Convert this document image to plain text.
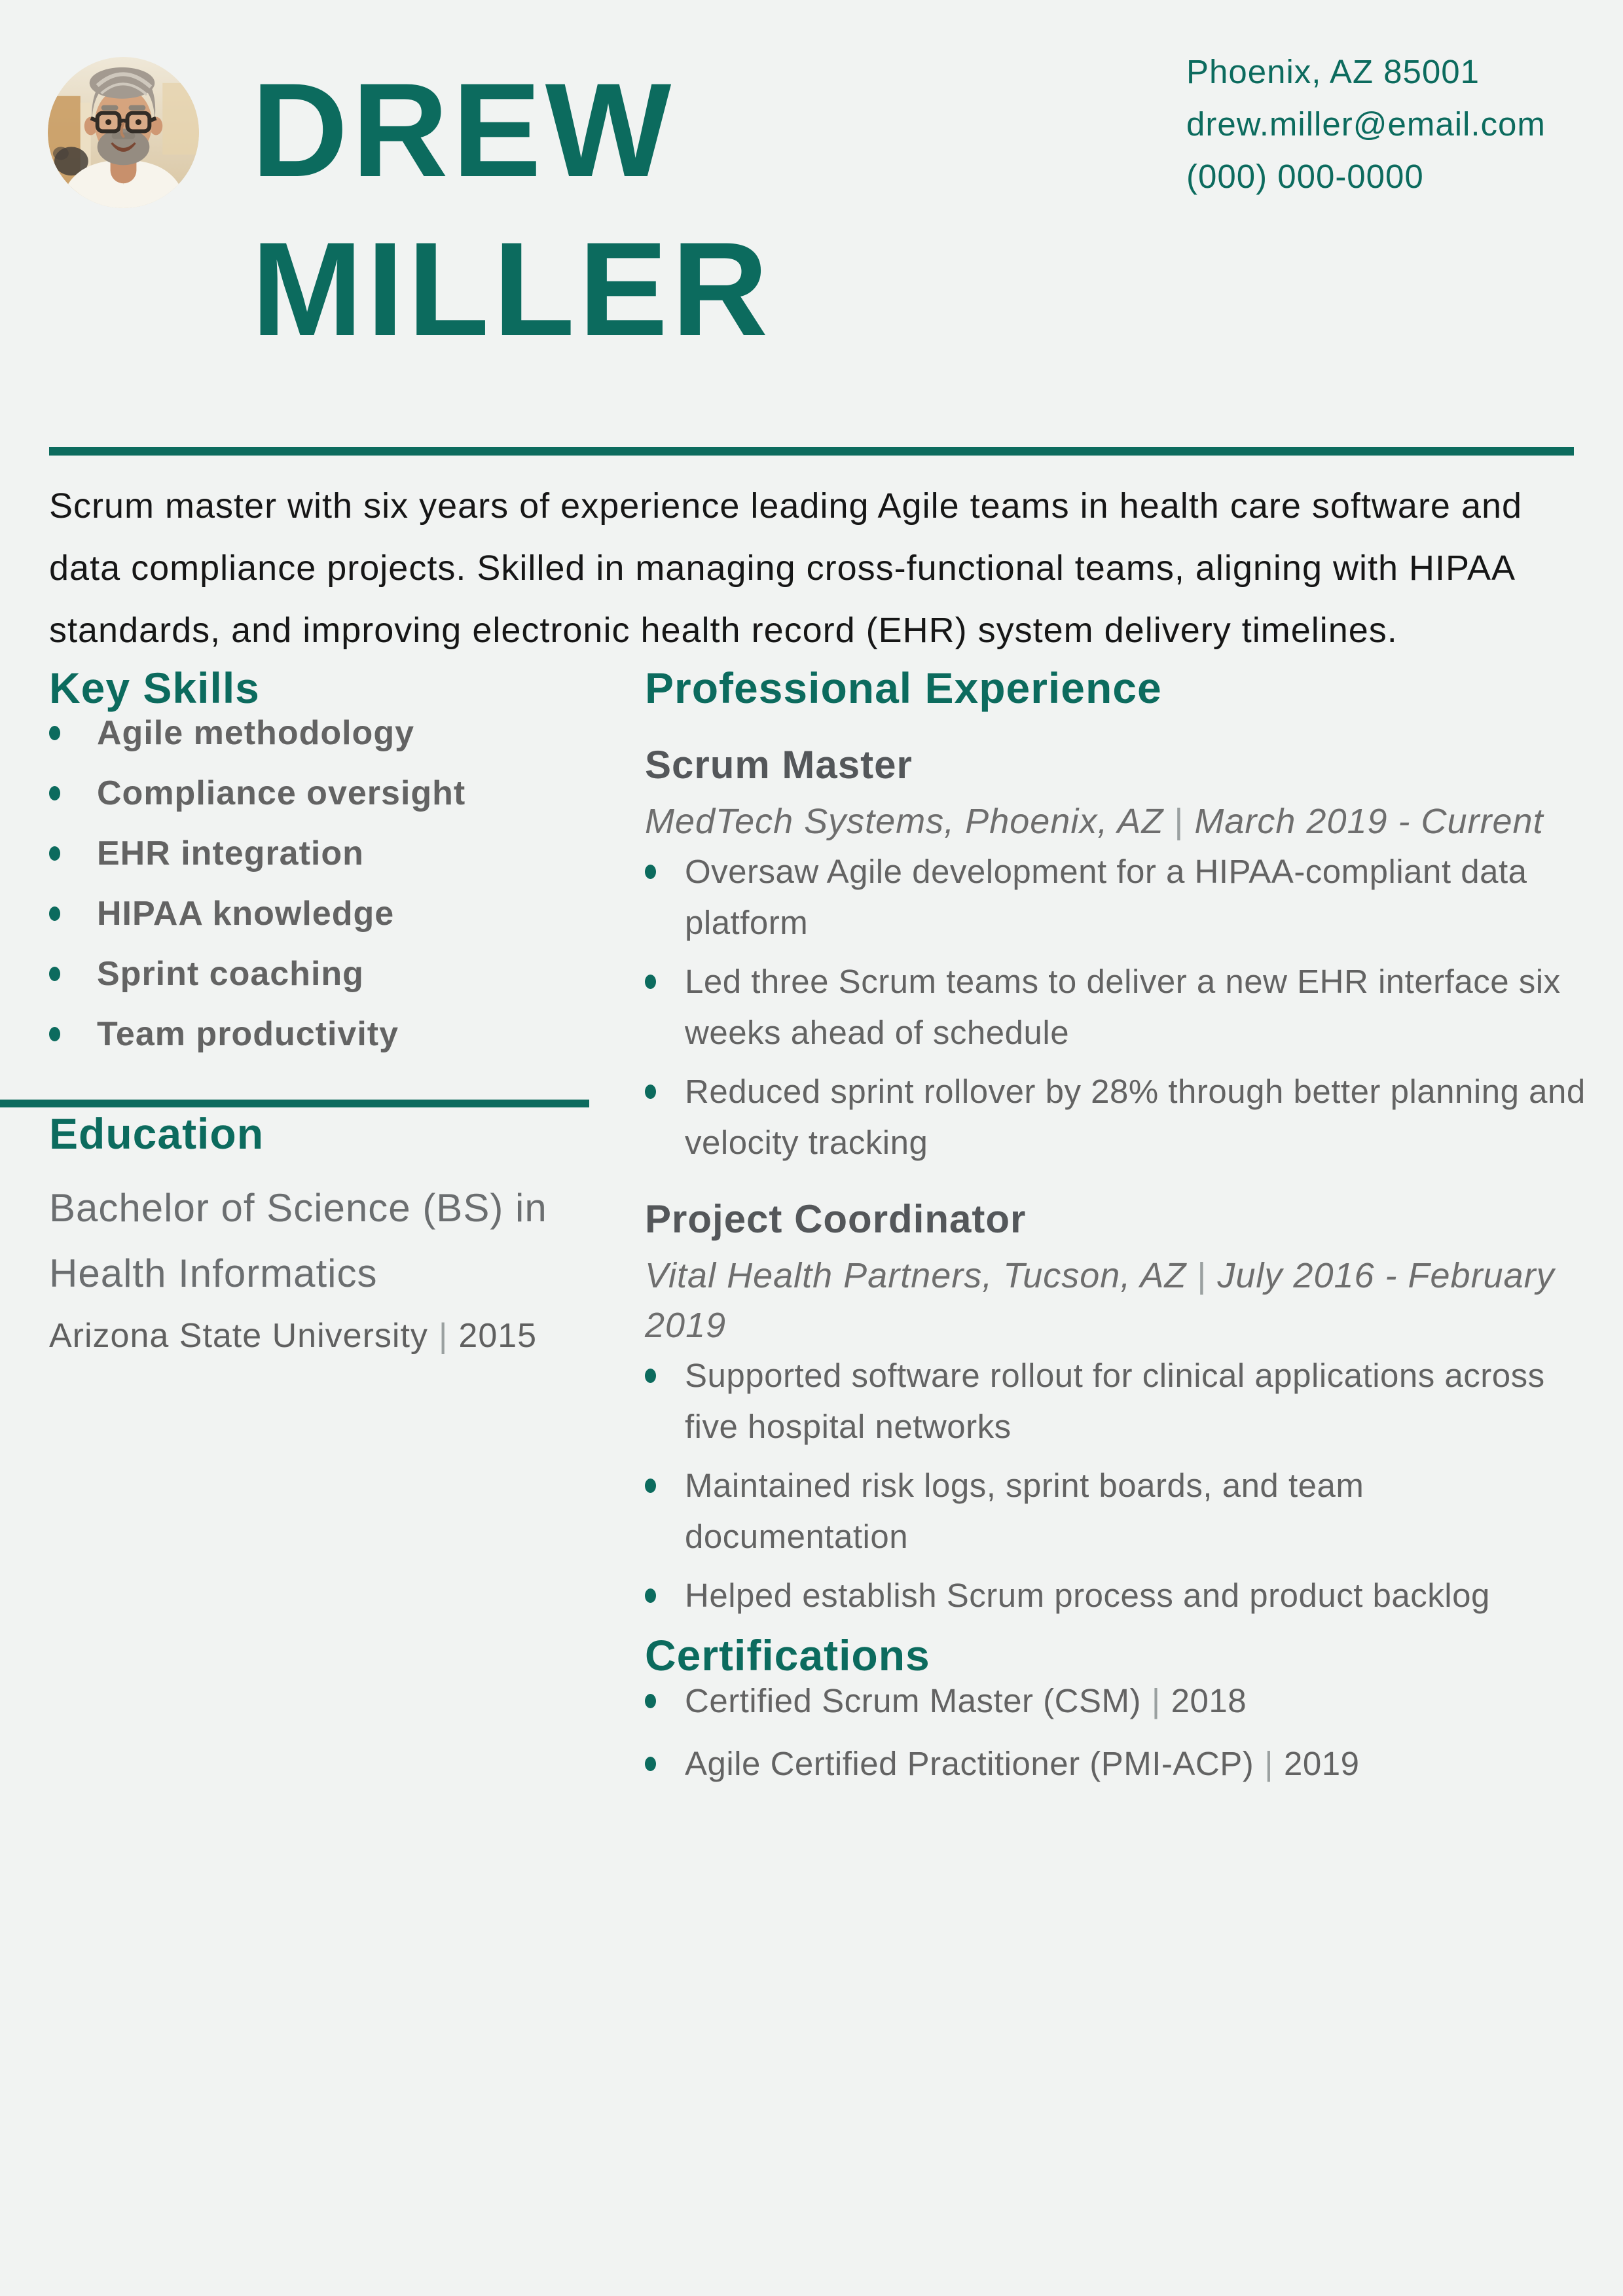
DREW
MILLER
Phoenix, AZ 85001
drew.miller@email.com
(000) 000-0000

Scrum master with six years of experience leading Agile teams in health care software and data compliance projects. Skilled in managing cross-functional teams, aligning with HIPAA standards, and improving electronic health record (EHR) system delivery timelines.

Key Skills
Agile methodology
Compliance oversight
EHR integration
HIPAA knowledge
Sprint coaching
Team productivity
Education
Bachelor of Science (BS) in Health Informatics
Arizona State University | 2015
Professional Experience
Scrum Master

MedTech Systems, Phoenix, AZ | March 2019 - Current

Oversaw Agile development for a HIPAA-compliant data platform
Led three Scrum teams to deliver a new EHR interface six weeks ahead of schedule
Reduced sprint rollover by 28% through better planning and velocity tracking
Project Coordinator

Vital Health Partners, Tucson, AZ | July 2016 - February 2019

Supported software rollout for clinical applications across five hospital networks
Maintained risk logs, sprint boards, and team documentation
Helped establish Scrum process and product backlog
Certifications
Certified Scrum Master (CSM) | 2018
Agile Certified Practitioner (PMI-ACP) | 2019
